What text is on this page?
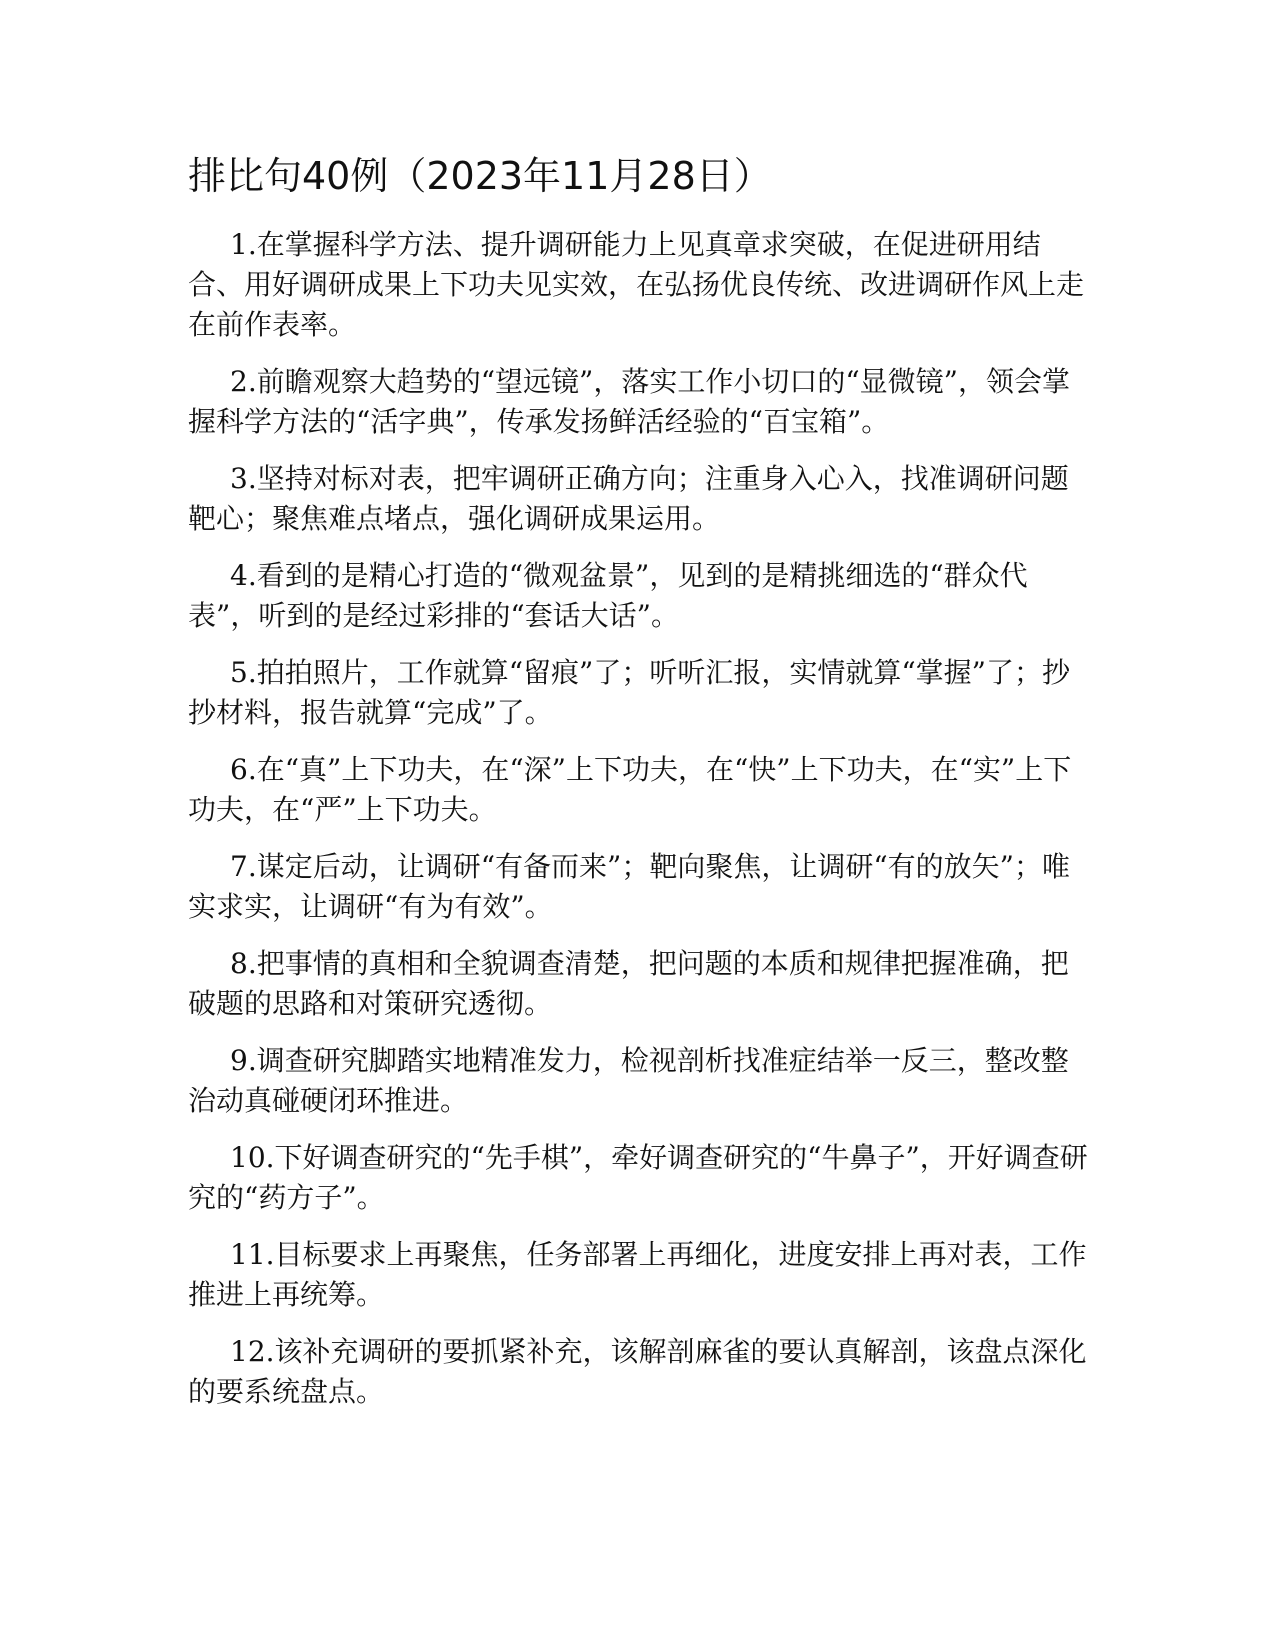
排比句40例（2023年11月28日）

1.在掌握科学方法、提升调研能力上见真章求突破，在促进研用结合、用好调研成果上下功夫见实效，在弘扬优良传统、改进调研作风上走在前作表率。

2.前瞻观察大趋势的“望远镜”，落实工作小切口的“显微镜”，领会掌握科学方法的“活字典”，传承发扬鲜活经验的“百宝箱”。

3.坚持对标对表，把牢调研正确方向；注重身入心入，找准调研问题靶心；聚焦难点堵点，强化调研成果运用。

4.看到的是精心打造的“微观盆景”，见到的是精挑细选的“群众代表”，听到的是经过彩排的“套话大话”。

5.拍拍照片，工作就算“留痕”了；听听汇报，实情就算“掌握”了；抄抄材料，报告就算“完成”了。

6.在“真”上下功夫，在“深”上下功夫，在“快”上下功夫，在“实”上下功夫，在“严”上下功夫。

7.谋定后动，让调研“有备而来”；靶向聚焦，让调研“有的放矢”；唯实求实，让调研“有为有效”。

8.把事情的真相和全貌调查清楚，把问题的本质和规律把握准确，把破题的思路和对策研究透彻。

9.调查研究脚踏实地精准发力，检视剖析找准症结举一反三，整改整治动真碰硬闭环推进。

10.下好调查研究的“先手棋”，牵好调查研究的“牛鼻子”，开好调查研究的“药方子”。

11.目标要求上再聚焦，任务部署上再细化，进度安排上再对表，工作推进上再统筹。

12.该补充调研的要抓紧补充，该解剖麻雀的要认真解剖，该盘点深化的要系统盘点。
